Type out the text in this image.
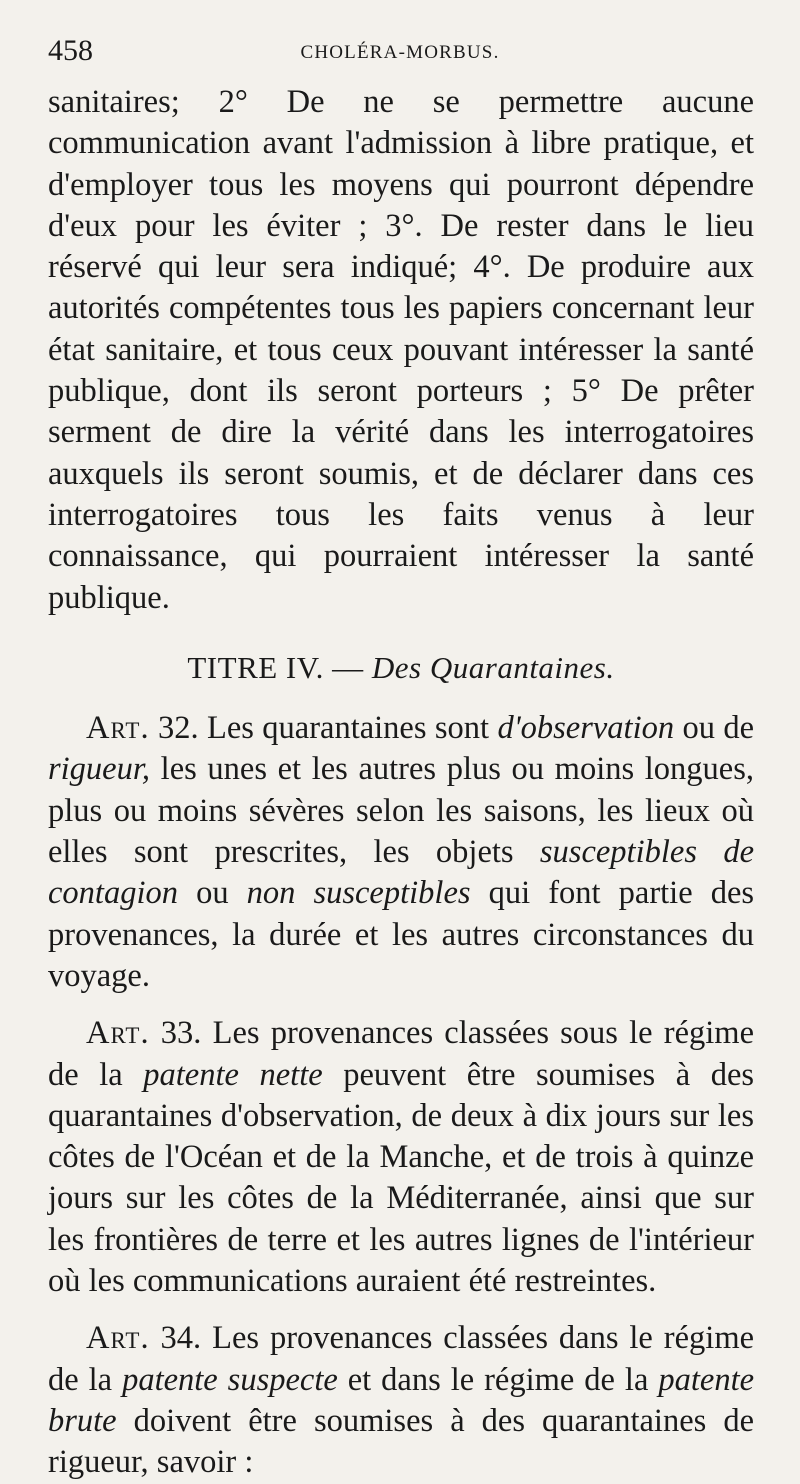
458	CHOLÉRA-MORBUS.

sanitaires; 2° De ne se permettre aucune communication avant l'admission à libre pratique, et d'employer tous les moyens qui pourront dépendre d'eux pour les éviter ; 3°. De rester dans le lieu réservé qui leur sera indiqué; 4°. De produire aux autorités compétentes tous les papiers concernant leur état sanitaire, et tous ceux pouvant intéresser la santé publique, dont ils seront porteurs ; 5° De prêter serment de dire la vérité dans les interrogatoires auxquels ils seront soumis, et de déclarer dans ces interrogatoires tous les faits venus à leur connaissance, qui pourraient intéresser la santé publique.

TITRE IV. — Des Quarantaines.

Art. 32. Les quarantaines sont d'observation ou de rigueur, les unes et les autres plus ou moins longues, plus ou moins sévères selon les saisons, les lieux où elles sont prescrites, les objets susceptibles de contagion ou non susceptibles qui font partie des provenances, la durée et les autres circonstances du voyage.

Art. 33. Les provenances classées sous le régime de la patente nette peuvent être soumises à des quarantaines d'observation, de deux à dix jours sur les côtes de l'Océan et de la Manche, et de trois à quinze jours sur les côtes de la Méditerranée, ainsi que sur les frontières de terre et les autres lignes de l'intérieur où les communications auraient été restreintes.

Art. 34. Les provenances classées dans le régime de la patente suspecte et dans le régime de la patente brute doivent être soumises à des quarantaines de rigueur, savoir :
